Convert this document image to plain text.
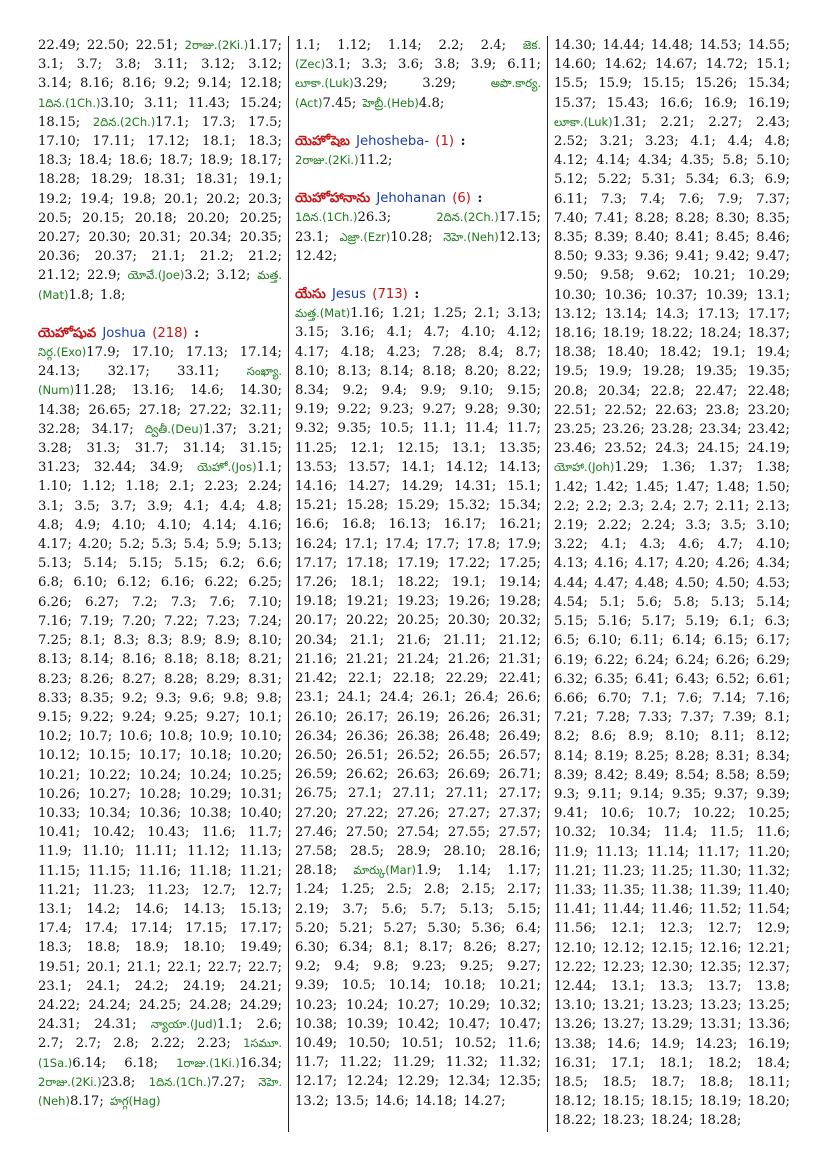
22.49; 22.50; 22.51; 2రాజు.(2Ki.)1.17; 3.1; 3.7; 3.8; 3.11; 3.12; 3.12; 3.14; 8.16; 8.16; 9.2; 9.14; 12.18; 1దిన.(1Ch.)3.10; 3.11; 11.43; 15.24; 18.15; 2దిన.(2Ch.)17.1; 17.3; 17.5; 17.10; 17.11; 17.12; 18.1; 18.3; 18.3; 18.4; 18.6; 18.7; 18.9; 18.17; 18.28; 18.29; 18.31; 18.31; 19.1; 19.2; 19.4; 19.8; 20.1; 20.2; 20.3; 20.5; 20.15; 20.18; 20.20; 20.25; 20.27; 20.30; 20.31; 20.34; 20.35; 20.36; 20.37; 21.1; 21.2; 21.2; 21.12; 22.9; యోవే.(Joe)3.2; 3.12; మత్త.(Mat)1.8; 1.8;

యెహోషువ Joshua (218) :

నిర్గ.(Exo)17.9; 17.10; 17.13; 17.14; 24.13; 32.17; 33.11; సంఖ్యా.(Num)11.28; 13.16; 14.6; 14.30; 14.38; 26.65; 27.18; 27.22; 32.11; 32.28; 34.17; ద్వితీ.(Deu)1.37; 3.21; 3.28; 31.3; 31.7; 31.14; 31.15; 31.23; 32.44; 34.9; యెహో.(Jos)1.1; 1.10; 1.12; 1.18; 2.1; 2.23; 2.24; 3.1; 3.5; 3.7; 3.9; 4.1; 4.4; 4.8; 4.8; 4.9; 4.10; 4.10; 4.14; 4.16; 4.17; 4.20; 5.2; 5.3; 5.4; 5.9; 5.13; 5.13; 5.14; 5.15; 5.15; 6.2; 6.6; 6.8; 6.10; 6.12; 6.16; 6.22; 6.25; 6.26; 6.27; 7.2; 7.3; 7.6; 7.10; 7.16; 7.19; 7.20; 7.22; 7.23; 7.24; 7.25; 8.1; 8.3; 8.3; 8.9; 8.9; 8.10; 8.13; 8.14; 8.16; 8.18; 8.18; 8.21; 8.23; 8.26; 8.27; 8.28; 8.29; 8.31; 8.33; 8.35; 9.2; 9.3; 9.6; 9.8; 9.8; 9.15; 9.22; 9.24; 9.25; 9.27; 10.1; 10.2; 10.7; 10.6; 10.8; 10.9; 10.10; 10.12; 10.15; 10.17; 10.18; 10.20; 10.21; 10.22; 10.24; 10.24; 10.25; 10.26; 10.27; 10.28; 10.29; 10.31; 10.33; 10.34; 10.36; 10.38; 10.40; 10.41; 10.42; 10.43; 11.6; 11.7; 11.9; 11.10; 11.11; 11.12; 11.13; 11.15; 11.15; 11.16; 11.18; 11.21; 11.21; 11.23; 11.23; 12.7; 12.7; 13.1; 14.2; 14.6; 14.13; 15.13; 17.4; 17.4; 17.14; 17.15; 17.17; 18.3; 18.8; 18.9; 18.10; 19.49; 19.51; 20.1; 21.1; 22.1; 22.7; 22.7; 23.1; 24.1; 24.2; 24.19; 24.21; 24.22; 24.24; 24.25; 24.28; 24.29; 24.31; 24.31; న్యాయా.(Jud)1.1; 2.6; 2.7; 2.7; 2.8; 2.22; 2.23; 1సమూ.(1Sa.)6.14; 6.18; 1రాజు.(1Ki.)16.34; 2రాజు.(2Ki.)23.8; 1దిన.(1Ch.)7.27; నెహె.(Neh)8.17; హగ్గ(Hag)

1.1; 1.12; 1.14; 2.2; 2.4; జెక.(Zec)3.1; 3.3; 3.6; 3.8; 3.9; 6.11; లూకా.(Luk)3.29; 3.29; అపొ.కార్య.(Act)7.45; హెబ్రీ.(Heb)4.8;

యెహోషెబ Jehosheba- (1) :

2రాజు.(2Ki.)11.2;

యెహోహానాను Jehohanan (6) :

1దిన.(1Ch.)26.3; 2దిన.(2Ch.)17.15; 23.1; ఎజ్రా.(Ezr)10.28; నెహె.(Neh)12.13; 12.42;

యేసు Jesus (713) :

మత్త.(Mat)1.16; 1.21; 1.25; 2.1; 3.13; 3.15; 3.16; 4.1; 4.7; 4.10; 4.12; 4.17; 4.18; 4.23; 7.28; 8.4; 8.7; 8.10; 8.13; 8.14; 8.18; 8.20; 8.22; 8.34; 9.2; 9.4; 9.9; 9.10; 9.15; 9.19; 9.22; 9.23; 9.27; 9.28; 9.30; 9.32; 9.35; 10.5; 11.1; 11.4; 11.7; 11.25; 12.1; 12.15; 13.1; 13.35; 13.53; 13.57; 14.1; 14.12; 14.13; 14.16; 14.27; 14.29; 14.31; 15.1; 15.21; 15.28; 15.29; 15.32; 15.34; 16.6; 16.8; 16.13; 16.17; 16.21; 16.24; 17.1; 17.4; 17.7; 17.8; 17.9; 17.17; 17.18; 17.19; 17.22; 17.25; 17.26; 18.1; 18.22; 19.1; 19.14; 19.18; 19.21; 19.23; 19.26; 19.28; 20.17; 20.22; 20.25; 20.30; 20.32; 20.34; 21.1; 21.6; 21.11; 21.12; 21.16; 21.21; 21.24; 21.26; 21.31; 21.42; 22.1; 22.18; 22.29; 22.41; 23.1; 24.1; 24.4; 26.1; 26.4; 26.6; 26.10; 26.17; 26.19; 26.26; 26.31; 26.34; 26.36; 26.38; 26.48; 26.49; 26.50; 26.51; 26.52; 26.55; 26.57; 26.59; 26.62; 26.63; 26.69; 26.71; 26.75; 27.1; 27.11; 27.11; 27.17; 27.20; 27.22; 27.26; 27.27; 27.37; 27.46; 27.50; 27.54; 27.55; 27.57; 27.58; 28.5; 28.9; 28.10; 28.16; 28.18; మార్కు(Mar)1.9; 1.14; 1.17; 1.24; 1.25; 2.5; 2.8; 2.15; 2.17; 2.19; 3.7; 5.6; 5.7; 5.13; 5.15; 5.20; 5.21; 5.27; 5.30; 5.36; 6.4; 6.30; 6.34; 8.1; 8.17; 8.26; 8.27; 9.2; 9.4; 9.8; 9.23; 9.25; 9.27; 9.39; 10.5; 10.14; 10.18; 10.21; 10.23; 10.24; 10.27; 10.29; 10.32; 10.38; 10.39; 10.42; 10.47; 10.47; 10.49; 10.50; 10.51; 10.52; 11.6; 11.7; 11.22; 11.29; 11.32; 11.32; 12.17; 12.24; 12.29; 12.34; 12.35; 13.2; 13.5; 14.6; 14.18; 14.27;

14.30; 14.44; 14.48; 14.53; 14.55; 14.60; 14.62; 14.67; 14.72; 15.1; 15.5; 15.9; 15.15; 15.26; 15.34; 15.37; 15.43; 16.6; 16.9; 16.19; లూకా.(Luk)1.31; 2.21; 2.27; 2.43; 2.52; 3.21; 3.23; 4.1; 4.4; 4.8; 4.12; 4.14; 4.34; 4.35; 5.8; 5.10; 5.12; 5.22; 5.31; 5.34; 6.3; 6.9; 6.11; 7.3; 7.4; 7.6; 7.9; 7.37; 7.40; 7.41; 8.28; 8.28; 8.30; 8.35; 8.35; 8.39; 8.40; 8.41; 8.45; 8.46; 8.50; 9.33; 9.36; 9.41; 9.42; 9.47; 9.50; 9.58; 9.62; 10.21; 10.29; 10.30; 10.36; 10.37; 10.39; 13.1; 13.12; 13.14; 14.3; 17.13; 17.17; 18.16; 18.19; 18.22; 18.24; 18.37; 18.38; 18.40; 18.42; 19.1; 19.4; 19.5; 19.9; 19.28; 19.35; 19.35; 20.8; 20.34; 22.8; 22.47; 22.48; 22.51; 22.52; 22.63; 23.8; 23.20; 23.25; 23.26; 23.28; 23.34; 23.42; 23.46; 23.52; 24.3; 24.15; 24.19; యోహా.(Joh)1.29; 1.36; 1.37; 1.38; 1.42; 1.42; 1.45; 1.47; 1.48; 1.50; 2.2; 2.2; 2.3; 2.4; 2.7; 2.11; 2.13; 2.19; 2.22; 2.24; 3.3; 3.5; 3.10; 3.22; 4.1; 4.3; 4.6; 4.7; 4.10; 4.13; 4.16; 4.17; 4.20; 4.26; 4.34; 4.44; 4.47; 4.48; 4.50; 4.50; 4.53; 4.54; 5.1; 5.6; 5.8; 5.13; 5.14; 5.15; 5.16; 5.17; 5.19; 6.1; 6.3; 6.5; 6.10; 6.11; 6.14; 6.15; 6.17; 6.19; 6.22; 6.24; 6.24; 6.26; 6.29; 6.32; 6.35; 6.41; 6.43; 6.52; 6.61; 6.66; 6.70; 7.1; 7.6; 7.14; 7.16; 7.21; 7.28; 7.33; 7.37; 7.39; 8.1; 8.2; 8.6; 8.9; 8.10; 8.11; 8.12; 8.14; 8.19; 8.25; 8.28; 8.31; 8.34; 8.39; 8.42; 8.49; 8.54; 8.58; 8.59; 9.3; 9.11; 9.14; 9.35; 9.37; 9.39; 9.41; 10.6; 10.7; 10.22; 10.25; 10.32; 10.34; 11.4; 11.5; 11.6; 11.9; 11.13; 11.14; 11.17; 11.20; 11.21; 11.23; 11.25; 11.30; 11.32; 11.33; 11.35; 11.38; 11.39; 11.40; 11.41; 11.44; 11.46; 11.52; 11.54; 11.56; 12.1; 12.3; 12.7; 12.9; 12.10; 12.12; 12.15; 12.16; 12.21; 12.22; 12.23; 12.30; 12.35; 12.37; 12.44; 13.1; 13.3; 13.7; 13.8; 13.10; 13.21; 13.23; 13.23; 13.25; 13.26; 13.27; 13.29; 13.31; 13.36; 13.38; 14.6; 14.9; 14.23; 16.19; 16.31; 17.1; 18.1; 18.2; 18.4; 18.5; 18.5; 18.7; 18.8; 18.11; 18.12; 18.15; 18.15; 18.19; 18.20; 18.22; 18.23; 18.24; 18.28;
